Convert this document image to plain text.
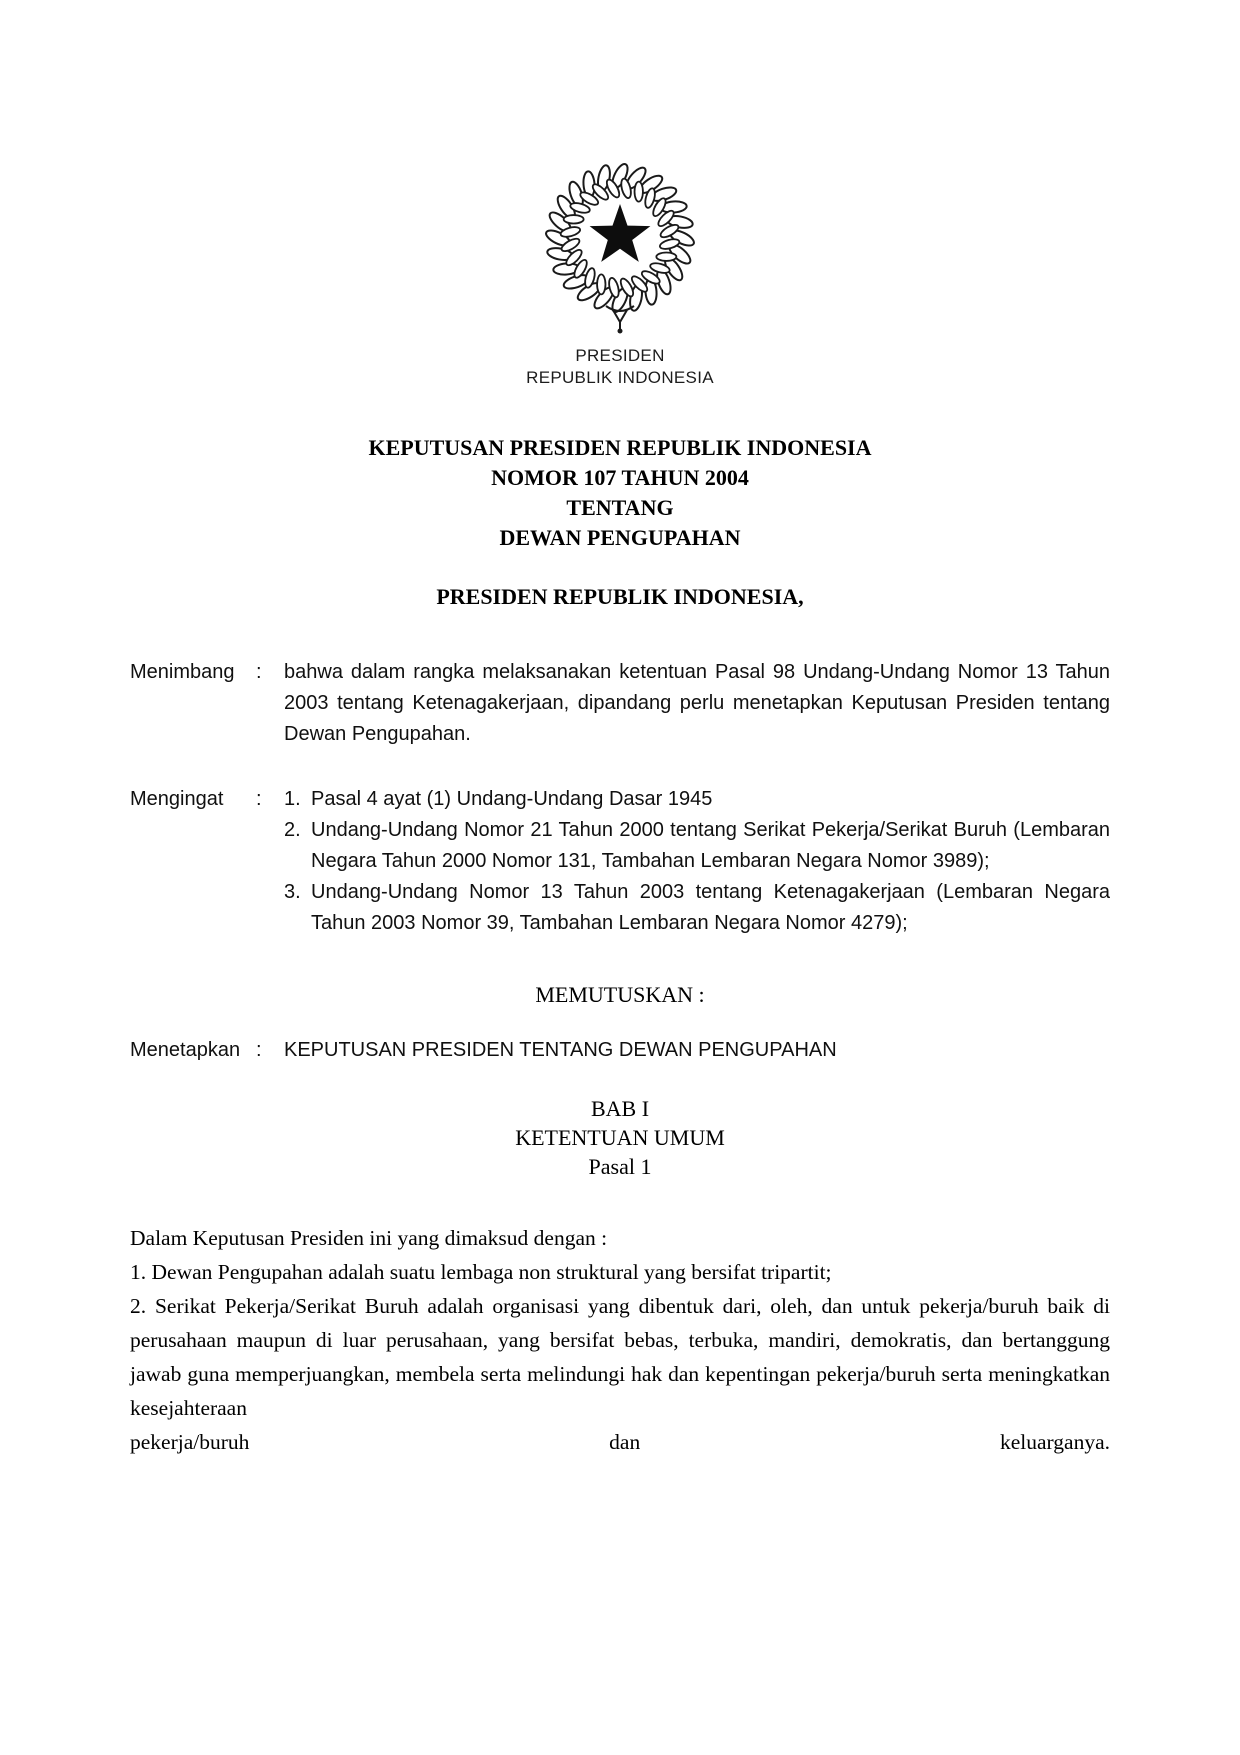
PRESIDEN
REPUBLIK INDONESIA
KEPUTUSAN PRESIDEN REPUBLIK INDONESIA
NOMOR 107 TAHUN 2004
TENTANG
DEWAN PENGUPAHAN
PRESIDEN REPUBLIK INDONESIA,
Menimbang	:	bahwa dalam rangka melaksanakan ketentuan Pasal 98 Undang-Undang Nomor 13 Tahun 2003 tentang Ketenagakerjaan, dipandang perlu menetapkan Keputusan Presiden tentang Dewan Pengupahan.
Mengingat	:	1. Pasal 4 ayat (1) Undang-Undang Dasar 1945
2. Undang-Undang Nomor 21 Tahun 2000 tentang Serikat Pekerja/Serikat Buruh (Lembaran Negara Tahun 2000 Nomor 131, Tambahan Lembaran Negara Nomor 3989);
3. Undang-Undang Nomor 13 Tahun 2003 tentang Ketenagakerjaan (Lembaran Negara Tahun 2003 Nomor 39, Tambahan Lembaran Negara Nomor 4279);
MEMUTUSKAN :
Menetapkan :	KEPUTUSAN PRESIDEN TENTANG DEWAN PENGUPAHAN
BAB I
KETENTUAN UMUM
Pasal 1
Dalam Keputusan Presiden ini yang dimaksud dengan :
1. Dewan Pengupahan adalah suatu lembaga non struktural yang bersifat tripartit;
2. Serikat Pekerja/Serikat Buruh adalah organisasi yang dibentuk dari, oleh, dan untuk pekerja/buruh baik di perusahaan maupun di luar perusahaan, yang bersifat bebas, terbuka, mandiri, demokratis, dan bertanggung jawab guna memperjuangkan, membela serta melindungi hak dan kepentingan pekerja/buruh serta meningkatkan kesejahteraan
pekerja/buruh	dan	keluarganya.
